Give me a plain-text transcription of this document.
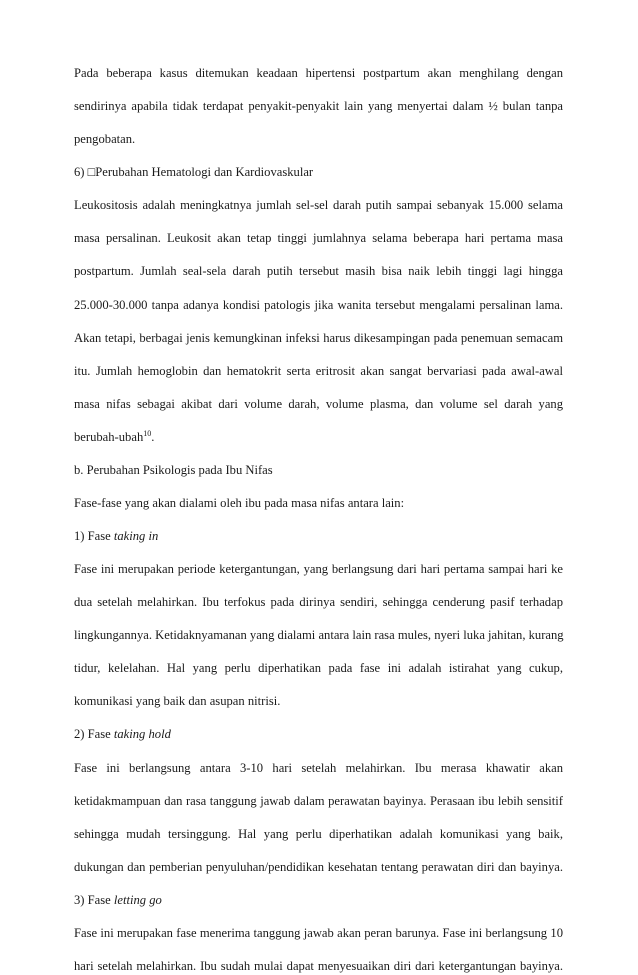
Pada beberapa kasus ditemukan keadaan hipertensi postpartum akan menghilang dengan
sendirinya apabila tidak terdapat penyakit-penyakit lain yang menyertai dalam ½ bulan tanpa
pengobatan.
6) □Perubahan Hematologi dan Kardiovaskular
Leukositosis adalah meningkatnya jumlah sel-sel darah putih sampai sebanyak 15.000 selama
masa persalinan. Leukosit akan tetap tinggi jumlahnya selama beberapa hari pertama masa
postpartum. Jumlah seal-sela darah putih tersebut masih bisa naik lebih tinggi lagi hingga
25.000-30.000 tanpa adanya kondisi patologis jika wanita tersebut mengalami persalinan lama.
Akan tetapi, berbagai jenis kemungkinan infeksi harus dikesampingan pada penemuan semacam
itu. Jumlah hemoglobin dan hematokrit serta eritrosit akan sangat bervariasi pada awal-awal
masa nifas sebagai akibat dari volume darah, volume plasma, dan volume sel darah yang
berubah-ubah$^{10}$.
b. Perubahan Psikologis pada Ibu Nifas
Fase-fase yang akan dialami oleh ibu pada masa nifas antara lain:
1) Fase taking in
Fase ini merupakan periode ketergantungan, yang berlangsung dari hari pertama sampai hari ke
dua setelah melahirkan. Ibu terfokus pada dirinya sendiri, sehingga cenderung pasif terhadap
lingkungannya. Ketidaknyamanan yang dialami antara lain rasa mules, nyeri luka jahitan, kurang
tidur, kelelahan. Hal yang perlu diperhatikan pada fase ini adalah istirahat yang cukup,
komunikasi yang baik dan asupan nitrisi.
2) Fase taking hold
Fase ini berlangsung antara 3-10 hari setelah melahirkan. Ibu merasa khawatir akan
ketidakmampuan dan rasa tanggung jawab dalam perawatan bayinya. Perasaan ibu lebih sensitif
sehingga mudah tersinggung. Hal yang perlu diperhatikan adalah komunikasi yang baik,
dukungan dan pemberian penyuluhan/pendidikan kesehatan tentang perawatan diri dan bayinya.
3) Fase letting go
Fase ini merupakan fase menerima tanggung jawab akan peran barunya. Fase ini berlangsung 10
hari setelah melahirkan. Ibu sudah mulai dapat menyesuaikan diri dari ketergantungan bayinya.
